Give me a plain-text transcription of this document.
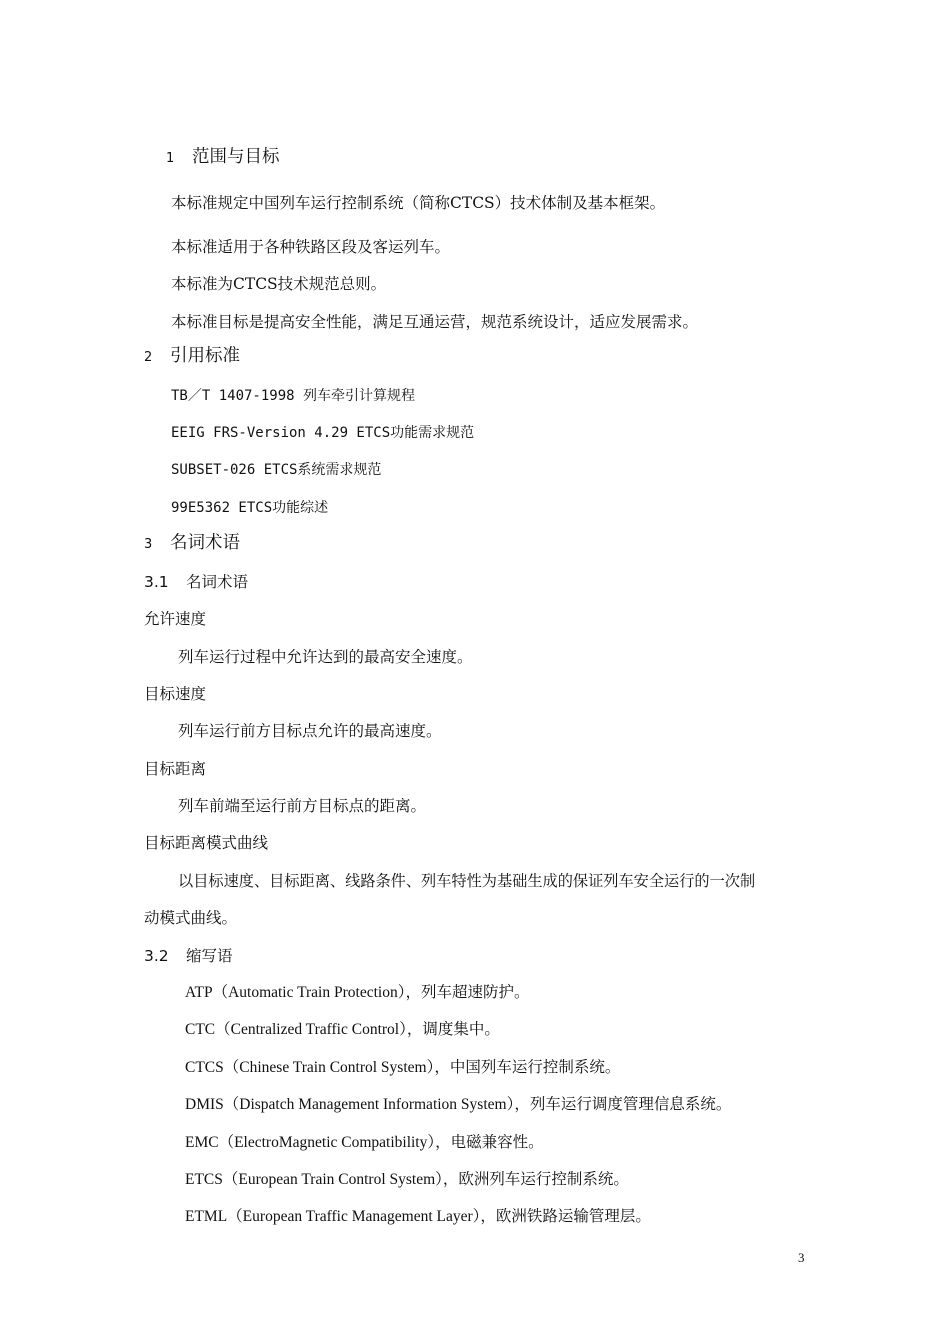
1 范围与目标
本标准规定中国列车运行控制系统（简称CTCS）技术体制及基本框架。
本标准适用于各种铁路区段及客运列车。
本标准为CTCS技术规范总则。
本标准目标是提高安全性能，满足互通运营，规范系统设计，适应发展需求。
2 引用标准
TB／T 1407-1998 列车牵引计算规程
EEIG FRS-Version 4.29 ETCS功能需求规范
SUBSET-026 ETCS系统需求规范
99E5362 ETCS功能综述
3 名词术语
3.1 名词术语
允许速度
列车运行过程中允许达到的最高安全速度。
目标速度
列车运行前方目标点允许的最高速度。
目标距离
列车前端至运行前方目标点的距离。
目标距离模式曲线
以目标速度、目标距离、线路条件、列车特性为基础生成的保证列车安全运行的一次制
动模式曲线。
3.2 缩写语
ATP（Automatic Train Protection），列车超速防护。
CTC（Centralized Traffic Control），调度集中。
CTCS（Chinese Train Control System），中国列车运行控制系统。
DMIS（Dispatch Management Information System），列车运行调度管理信息系统。
EMC（ElectroMagnetic Compatibility），电磁兼容性。
ETCS（European Train Control System），欧洲列车运行控制系统。
ETML（European Traffic Management Layer），欧洲铁路运输管理层。
3
